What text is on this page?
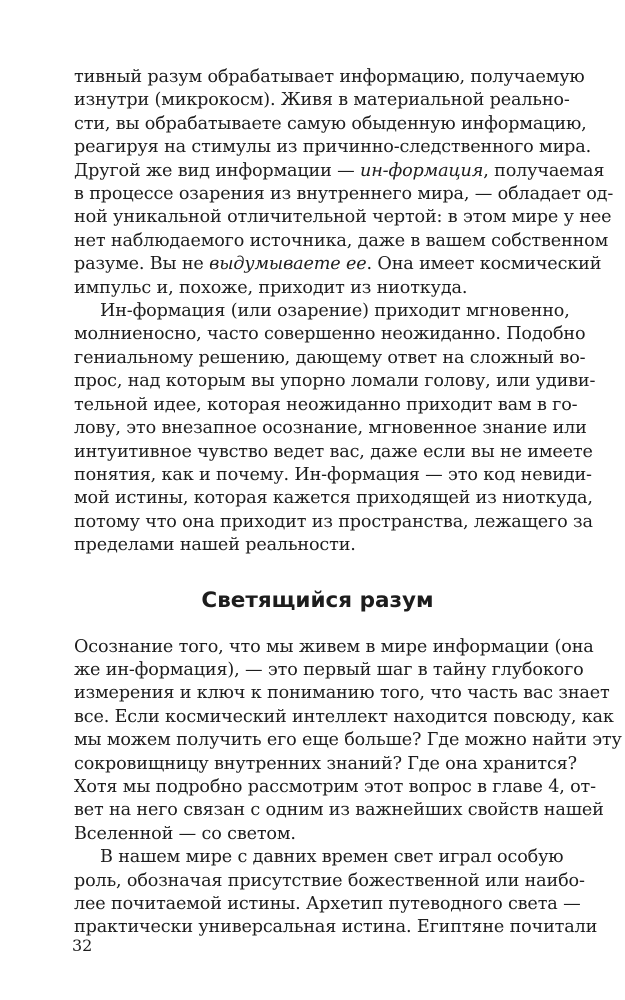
тивный разум обрабатывает информацию, получаемую
изнутри (микрокосм). Живя в материальной реально-
сти, вы обрабатываете самую обыденную информацию,
реагируя на стимулы из причинно-следственного мира.
Другой же вид информации — ин-формация, получаемая
в процессе озарения из внутреннего мира, — обладает од-
ной уникальной отличительной чертой: в этом мире у нее
нет наблюдаемого источника, даже в вашем собственном
разуме. Вы не выдумываете ее. Она имеет космический
импульс и, похоже, приходит из ниоткуда.

Ин-формация (или озарение) приходит мгновенно,
молниеносно, часто совершенно неожиданно. Подобно
гениальному решению, дающему ответ на сложный во-
прос, над которым вы упорно ломали голову, или удиви-
тельной идее, которая неожиданно приходит вам в го-
лову, это внезапное осознание, мгновенное знание или
интуитивное чувство ведет вас, даже если вы не имеете
понятия, как и почему. Ин-формация — это код невиди-
мой истины, которая кажется приходящей из ниоткуда,
потому что она приходит из пространства, лежащего за
пределами нашей реальности.

Светящийся разум

Осознание того, что мы живем в мире информации (она
же ин-формация), — это первый шаг в тайну глубокого
измерения и ключ к пониманию того, что часть вас знает
все. Если космический интеллект находится повсюду, как
мы можем получить его еще больше? Где можно найти эту
сокровищницу внутренних знаний? Где она хранится?
Хотя мы подробно рассмотрим этот вопрос в главе 4, от-
вет на него связан с одним из важнейших свойств нашей
Вселенной — со светом.

В нашем мире с давних времен свет играл особую
роль, обозначая присутствие божественной или наибо-
лее почитаемой истины. Архетип путеводного света —
практически универсальная истина. Египтяне почитали

32
